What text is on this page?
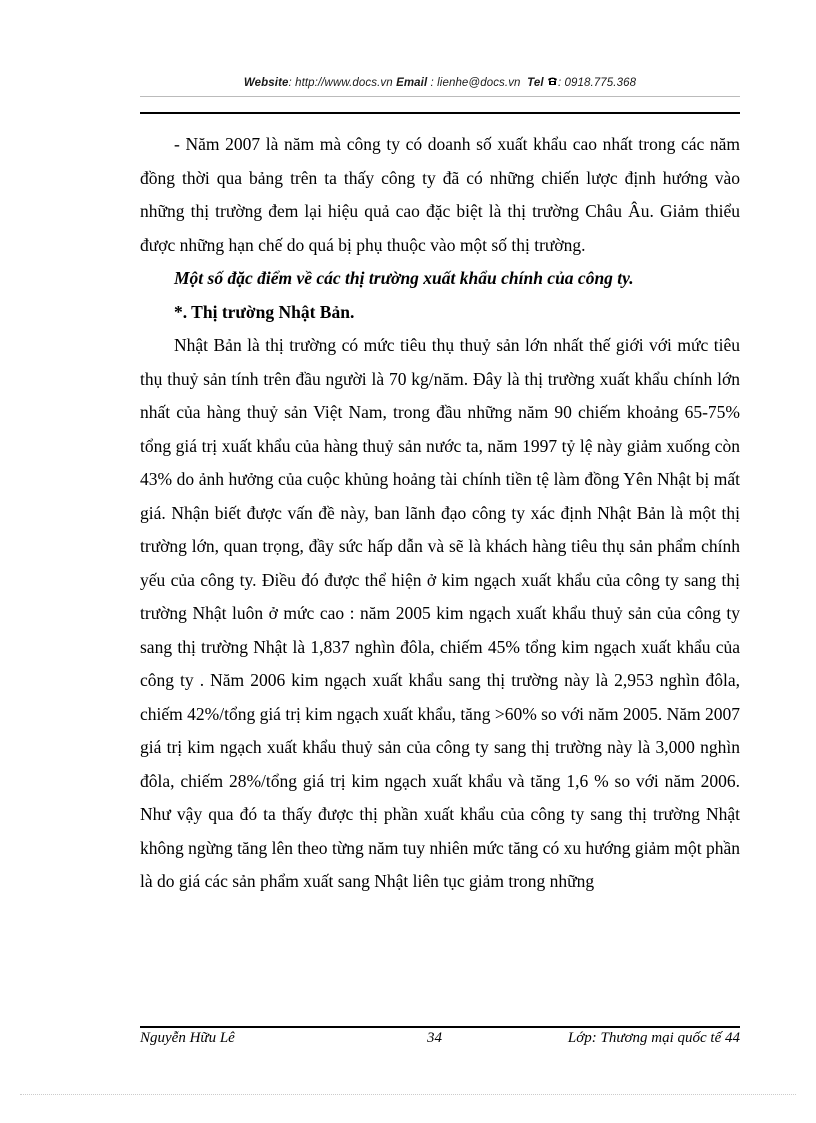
Website: http://www.docs.vn Email : lienhe@docs.vn Tel : 0918.775.368

- Năm 2007 là năm mà công ty có doanh số xuất khẩu cao nhất trong các năm đồng thời qua bảng trên ta thấy công ty đã có những chiến lược định hướng vào những thị trường đem lại hiệu quả cao đặc biệt là thị trường Châu Âu. Giảm thiểu được những hạn chế do quá bị phụ thuộc vào một số thị trường.

Một số đặc điểm về các thị trường xuất khẩu chính của công ty.

*. Thị trường Nhật Bản.

Nhật Bản là thị trường có mức tiêu thụ thuỷ sản lớn nhất thế giới với mức tiêu thụ thuỷ sản tính trên đầu người là 70 kg/năm. Đây là thị trường xuất khẩu chính lớn nhất của hàng thuỷ sản Việt Nam, trong đầu những năm 90 chiếm khoảng 65-75% tổng giá trị xuất khẩu của hàng thuỷ sản nước ta, năm 1997 tỷ lệ này giảm xuống còn 43% do ảnh hưởng của cuộc khủng hoảng tài chính tiền tệ làm đồng Yên Nhật bị mất giá. Nhận biết được vấn đề này, ban lãnh đạo công ty xác định Nhật Bản là một thị trường lớn, quan trọng, đầy sức hấp dẫn và sẽ là khách hàng tiêu thụ sản phẩm chính yếu của công ty. Điều đó được thể hiện ở kim ngạch xuất khẩu của công ty sang thị trường Nhật luôn ở mức cao : năm 2005 kim ngạch xuất khẩu thuỷ sản của công ty sang thị trường Nhật là 1,837 nghìn đôla, chiếm 45% tổng kim ngạch xuất khẩu của công ty . Năm 2006 kim ngạch xuất khẩu sang thị trường này là 2,953 nghìn đôla, chiếm 42%/tổng giá trị kim ngạch xuất khẩu, tăng >60% so với năm 2005. Năm 2007 giá trị kim ngạch xuất khẩu thuỷ sản của công ty sang thị trường này là 3,000 nghìn đôla, chiếm 28%/tổng giá trị kim ngạch xuất khẩu và tăng 1,6 % so với năm 2006. Như vậy qua đó ta thấy được thị phần xuất khẩu của công ty sang thị trường Nhật không ngừng tăng lên theo từng năm tuy nhiên mức tăng có xu hướng giảm một phần là do giá các sản phẩm xuất sang Nhật liên tục giảm trong những

Nguyễn Hữu Lê	34	Lớp: Thương mại quốc tế 44
